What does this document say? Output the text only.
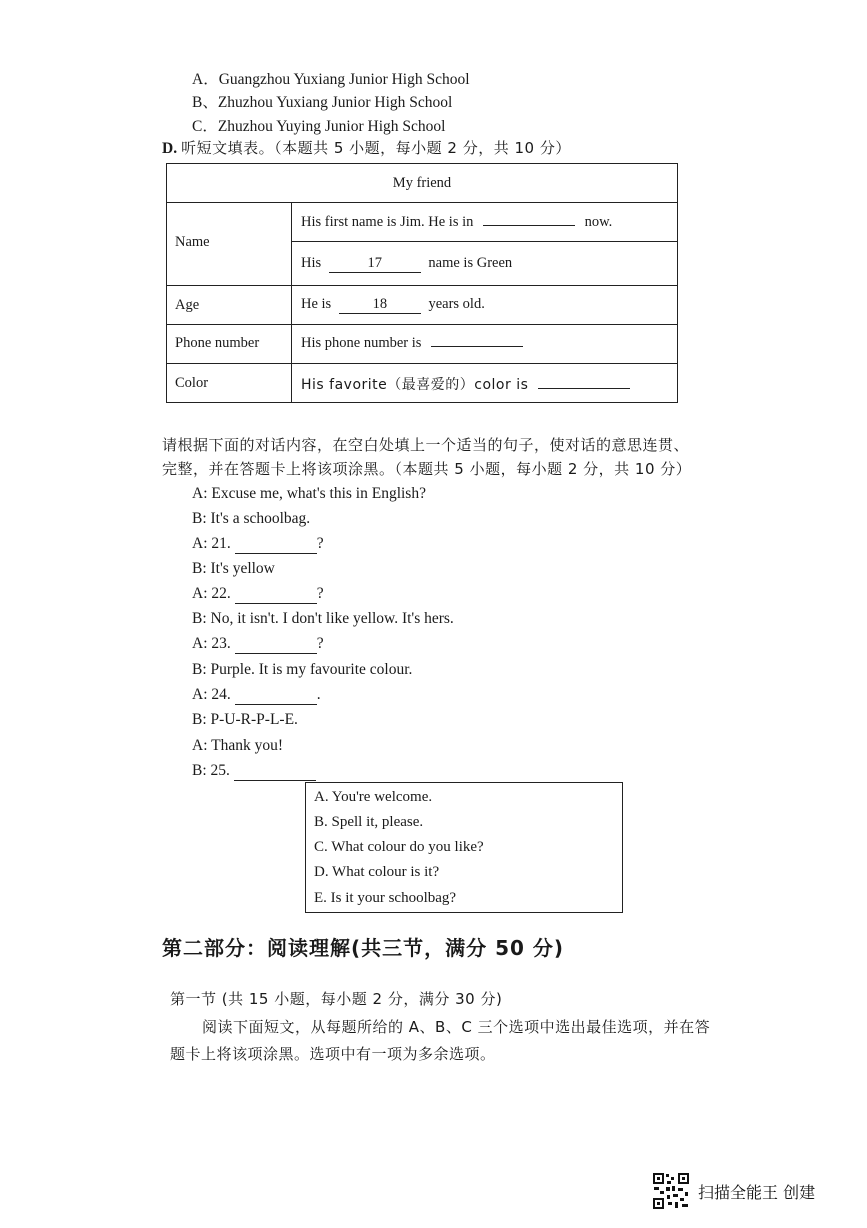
A．Guangzhou Yuxiang Junior High School
B、Zhuzhou Yuxiang Junior High School
C．Zhuzhou Yuying Junior High School
D. 听短文填表。（本题共 5 小题，每小题 2 分，共 10 分）
My friend
Name
His first name is Jim. He is in	now.
His	17	name is Green
Age	He is	18	years old.
Phone number	His phone number is
Color	His favorite（最喜爱的）color is
请根据下面的对话内容，在空白处填上一个适当的句子，使对话的意思连贯、
完整，并在答题卡上将该项涂黑。（本题共 5 小题，每小题 2 分，共 10 分）
A: Excuse me, what's this in English?
B: It's a schoolbag.
A: 21.	?
B: It's yellow
A: 22.	?
B: No, it isn't. I don't like yellow. It's hers.
A: 23.	?
B: Purple. It is my favourite colour.
A: 24.	.
B: P-U-R-P-L-E.
A: Thank you!
B: 25.
A. You're welcome.
B. Spell it, please.
C. What colour do you like?
D. What colour is it?
E. Is it your schoolbag?
第二部分：阅读理解(共三节，满分 50 分)
第一节 (共 15 小题，每小题 2 分，满分 30 分)
阅读下面短文，从每题所给的 A、B、C 三个选项中选出最佳选项，并在答
题卡上将该项涂黑。选项中有一项为多余选项。
扫描全能王 创建
